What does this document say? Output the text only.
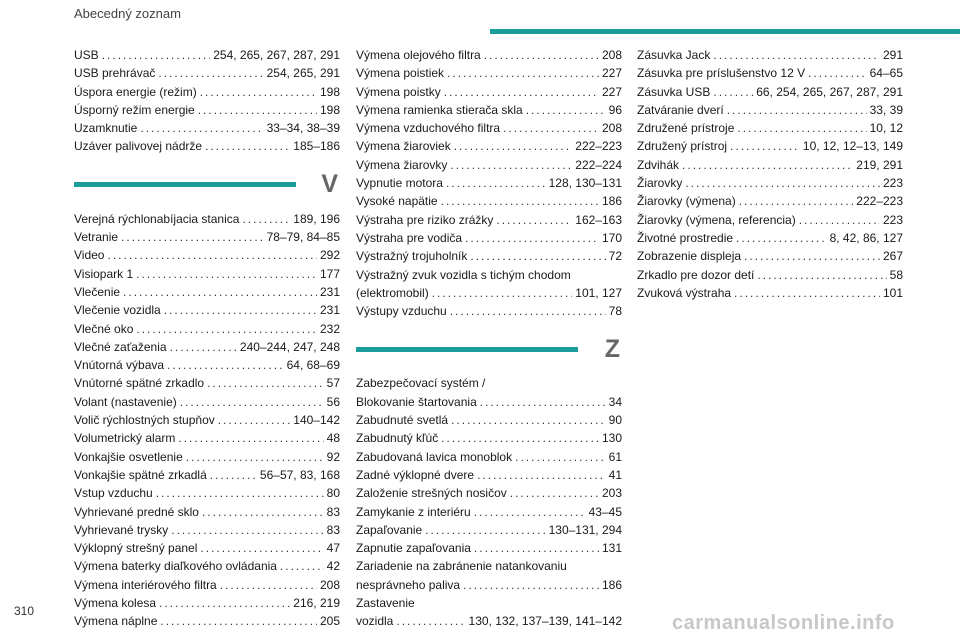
Abecedný zoznam
USB .....	254, 265, 267, 287, 291
USB prehrávač .....	254, 265, 291
Úspora energie (režim) .....	198
Úsporný režim energie .....	198
Uzamknutie .....	33–34, 38–39
Uzáver palivovej nádrže .....	185–186
V
Verejná rýchlonabíjacia stanica .....	189, 196
Vetranie .....	78–79, 84–85
Video .....	292
Visiopark 1 .....	177
Vlečenie .....	231
Vlečenie vozidla .....	231
Vlečné oko .....	232
Vlečné zaťaženia .....	240–244, 247, 248
Vnútorná výbava .....	64, 68–69
Vnútorné spätné zrkadlo .....	57
Volant (nastavenie) .....	56
Volič rýchlostných stupňov .....	140–142
Volumetrický alarm .....	48
Vonkajšie osvetlenie .....	92
Vonkajšie spätné zrkadlá .....	56–57, 83, 168
Vstup vzduchu .....	80
Vyhrievané predné sklo .....	83
Vyhrievané trysky .....	83
Výklopný strešný panel .....	47
Výmena baterky diaľkového ovládania .....	42
Výmena interiérového filtra .....	208
Výmena kolesa .....	216, 219
Výmena náplne .....	205
Výmena olejového filtra .....	208
Výmena poistiek .....	227
Výmena poistky .....	227
Výmena ramienka stierača skla .....	96
Výmena vzduchového filtra .....	208
Výmena žiaroviek .....	222–223
Výmena žiarovky .....	222–224
Vypnutie motora .....	128, 130–131
Vysoké napätie .....	186
Výstraha pre riziko zrážky .....	162–163
Výstraha pre vodiča .....	170
Výstražný trojuholník .....	72
Výstražný zvuk vozidla s tichým chodom
(elektromobil) .....	101, 127
Výstupy vzduchu .....	78
Z
Zabezpečovací systém /
Blokovanie štartovania .....	34
Zabudnuté svetlá .....	90
Zabudnutý kľúč .....	130
Zabudovaná lavica monoblok .....	61
Zadné výklopné dvere .....	41
Založenie strešných nosičov .....	203
Zamykanie z interiéru .....	43–45
Zapaľovanie .....	130–131, 294
Zapnutie zapaľovania .....	131
Zariadenie na zabránenie natankovaniu
nesprávneho paliva .....	186
Zastavenie
vozidla .....	130, 132, 137–139, 141–142
Zásuvka Jack .....	291
Zásuvka pre príslušenstvo 12 V .....	64–65
Zásuvka USB .....	66, 254, 265, 267, 287, 291
Zatváranie dverí .....	33, 39
Združené prístroje .....	10, 12
Združený prístroj .....	10, 12, 12–13, 149
Zdvihák .....	219, 291
Žiarovky .....	223
Žiarovky (výmena) .....	222–223
Žiarovky (výmena, referencia) .....	223
Životné prostredie .....	8, 42, 86, 127
Zobrazenie displeja .....	267
Zrkadlo pre dozor detí .....	58
Zvuková výstraha .....	101
310
carmanualsonline.info
